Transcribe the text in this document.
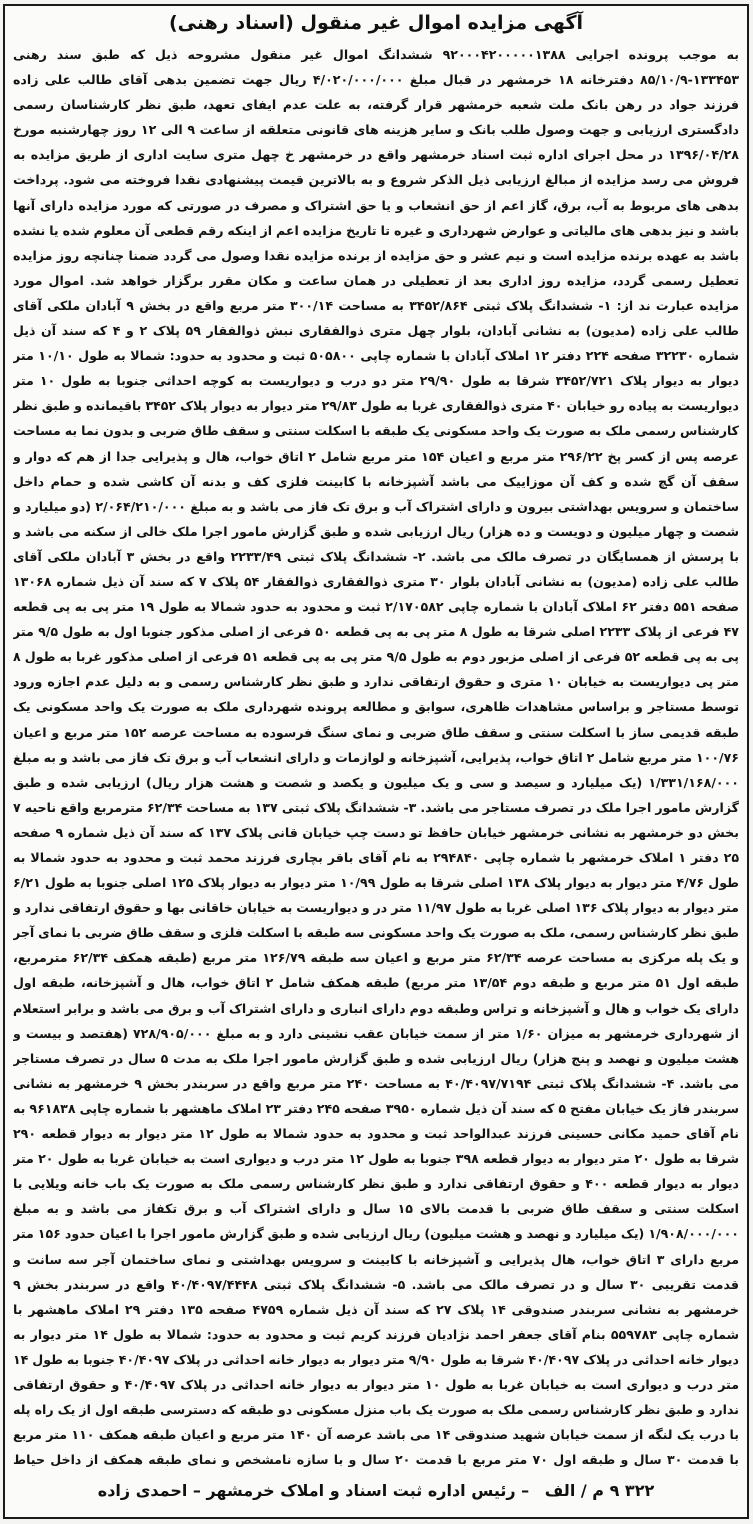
آگهی مزایده اموال غیر منقول (اسناد رهنی)
به موجب پرونده اجرایی ۹۲۰۰۰۴۲۰۰۰۰۰۱۳۸۸ ششدانگ اموال غیر منقول مشروحه ذیل که طبق سند رهنی ۱۳۳۴۵۳-۸۵/۱۰/۹ دفترخانه ۱۸ خرمشهر در قبال مبلغ ۴/۰۲۰/۰۰۰/۰۰۰ ریال جهت تضمین بدهی آقای طالب علی زاده فرزند جواد در رهن بانک ملت شعبه خرمشهر قرار گرفته، به علت عدم ایفای تعهد، طبق نظر کارشناسان رسمی دادگستری ارزیابی و جهت وصول طلب بانک و سایر هزینه های قانونی متعلقه از ساعت ۹ الی ۱۲ روز چهارشنبه مورخ ۱۳۹۶/۰۴/۲۸ در محل اجرای اداره ثبت اسناد خرمشهر واقع در خرمشهر خ چهل متری سایت اداری از طریق مزایده به فروش می رسد مزایده از مبالغ ارزیابی ذیل الذکر شروع و به بالاترین قیمت پیشنهادی نقدا فروخته می شود. پرداخت بدهی های مربوط به آب، برق، گاز اعم از حق انشعاب و یا حق اشتراک و مصرف در صورتی که مورد مزایده دارای آنها باشد و نیز بدهی های مالیاتی و عوارض شهرداری و غیره تا تاریخ مزایده اعم از اینکه رقم قطعی آن معلوم شده یا نشده باشد به عهده برنده مزایده است و نیم عشر و حق مزایده از برنده مزایده نقدا وصول می گردد ضمنا چنانچه روز مزایده تعطیل رسمی گردد، مزایده روز اداری بعد از تعطیلی در همان ساعت و مکان مقرر برگزار خواهد شد. اموال مورد مزایده عبارت ند از: ۱- ششدانگ پلاک ثبتی ۳۴۵۲/۸۶۴ به مساحت ۳۰۰/۱۴ متر مربع واقع در بخش ۹ آبادان ملکی آقای طالب علی زاده (مدیون) به نشانی آبادان، بلوار چهل متری ذوالفقاری نبش ذوالفقار ۵۹ پلاک ۲ و ۴ که سند آن ذیل شماره ۳۲۲۳۰ صفحه ۲۲۴ دفتر ۱۲ املاک آبادان با شماره چاپی ۵۰۵۸۰۰ ثبت و محدود به حدود: شمالا به طول ۱۰/۱۰ متر دیوار به دیوار پلاک ۳۴۵۲/۷۲۱ شرقا به طول ۲۹/۹۰ متر دو درب و دیواریست به کوچه احداثی جنوبا به طول ۱۰ متر دیواریست به پیاده رو خیابان ۴۰ متری ذوالفقاری غربا به طول ۲۹/۸۳ متر دیوار به دیوار پلاک ۳۴۵۲ باقیمانده و طبق نظر کارشناس رسمی ملک به صورت یک واحد مسکونی یک طبقه با اسکلت سنتی و سقف طاق ضربی و بدون نما به مساحت عرصه پس از کسر پخ ۲۹۶/۲۲ متر مربع و اعیان ۱۵۴ متر مربع شامل ۲ اتاق خواب، هال و پذیرایی جدا از هم که دوار و سقف آن گچ شده و کف آن موزاییک می باشد آشپزخانه با کابینت فلزی کف و بدنه آن کاشی شده و حمام داخل ساختمان و سرویس بهداشتی بیرون و دارای اشتراک آب و برق تک فاز می باشد و به مبلغ ۲/۰۶۴/۲۱۰/۰۰۰ (دو میلیارد و شصت و چهار میلیون و دویست و ده هزار) ریال ارزیابی شده و طبق گزارش مامور اجرا ملک خالی از سکنه می باشد و با پرسش از همسایگان در تصرف مالک می باشد. ۲- ششدانگ پلاک ثبتی ۲۲۳۳/۴۹ واقع در بخش ۳ آبادان ملکی آقای طالب علی زاده (مدیون) به نشانی آبادان بلوار ۳۰ متری ذوالفقاری ذوالفقار ۵۴ پلاک ۷ که سند آن ذیل شماره ۱۳۰۶۸ صفحه ۵۵۱ دفتر ۶۲ املاک آبادان با شماره چاپی ۲/۱۷۰۵۸۲ ثبت و محدود به حدود شمالا به طول ۱۹ متر پی به پی قطعه ۴۷ فرعی از پلاک ۲۲۳۳ اصلی شرقا به طول ۸ متر پی به پی قطعه ۵۰ فرعی از اصلی مذکور جنوبا اول به طول ۹/۵ متر پی به پی قطعه ۵۲ فرعی از اصلی مزبور دوم به طول ۹/۵ متر پی به پی قطعه ۵۱ فرعی از اصلی مذکور غربا به طول ۸ متر پی دیواریست به خیابان ۱۰ متری و حقوق ارتفاقی ندارد و طبق نظر کارشناس رسمی و به دلیل عدم اجازه ورود توسط مستاجر و براساس مشاهدات ظاهری، سوابق و مطالعه پرونده شهرداری ملک به صورت یک واحد مسکونی یک طبقه قدیمی ساز با اسکلت سنتی و سقف طاق ضربی و نمای سنگ فرسوده به مساحت عرصه ۱۵۲ متر مربع و اعیان ۱۰۰/۷۶ متر مربع شامل ۲ اتاق خواب، پذیرایی، آشپزخانه و لوازمات و دارای انشعاب آب و برق تک فاز می باشد و به مبلغ ۱/۳۳۱/۱۶۸/۰۰۰ (یک میلیارد و سیصد و سی و یک میلیون و یکصد و شصت و هشت هزار ریال) ارزیابی شده و طبق گزارش مامور اجرا ملک در تصرف مستاجر می باشد. ۳- ششدانگ پلاک ثبتی ۱۳۷ به مساحت ۶۲/۳۴ مترمربع واقع ناحیه ۷ بخش دو خرمشهر به نشانی خرمشهر خیابان حافظ تو دست چپ خیابان قانی پلاک ۱۳۷ که سند آن ذیل شماره ۹ صفحه ۲۵ دفتر ۱ املاک خرمشهر با شماره چاپی ۲۹۴۸۴۰ به نام آقای باقر بچاری فرزند محمد ثبت و محدود به حدود شمالا به طول ۴/۷۶ متر دیوار به دیوار پلاک ۱۳۸ اصلی شرقا به طول ۱۰/۹۹ متر دیوار به دیوار پلاک ۱۲۵ اصلی جنوبا به طول ۶/۲۱ متر دیوار به دیوار پلاک ۱۳۶ اصلی غربا به طول ۱۱/۹۷ متر در و دیواریست به خیابان خاقانی بها و حقوق ارتفاقی ندارد و طبق نظر کارشناس رسمی، ملک به صورت یک واحد مسکونی سه طبقه با اسکلت فلزی و سقف طاق ضربی با نمای آجر و یک پله مرکزی به مساحت عرصه ۶۲/۳۴ متر مربع و اعیان سه طبقه ۱۲۶/۷۹ متر مربع (طبقه همکف ۶۲/۳۴ مترمربع، طبقه اول ۵۱ متر مربع و طبقه دوم ۱۳/۵۴ متر مربع) طبقه همکف شامل ۲ اتاق خواب، هال و آشپزخانه، طبقه اول دارای یک خواب و هال و آشپزخانه و تراس وطبقه دوم دارای انباری و دارای اشتراک آب و برق می باشد و برابر استعلام از شهرداری خرمشهر به میزان ۱/۶۰ متر از سمت خیابان عقب نشینی دارد و به مبلغ ۷۲۸/۹۰۵/۰۰۰ (هفتصد و بیست و هشت میلیون و نهصد و پنج هزار) ریال ارزیابی شده و طبق گزارش مامور اجرا ملک به مدت ۵ سال در تصرف مستاجر می باشد. ۴- ششدانگ پلاک ثبتی ۴۰/۴۰۹۷/۷۱۹۴ به مساحت ۲۴۰ متر مربع واقع در سربندر بخش ۹ خرمشهر به نشانی سربندر فاز یک خیابان مفتح ۵ که سند آن ذیل شماره ۳۹۵۰ صفحه ۲۴۵ دفتر ۲۳ املاک ماهشهر با شماره چاپی ۹۶۱۸۳۸ به نام آقای حمید مکانی حسینی فرزند عبدالواحد ثبت و محدود به حدود شمالا به طول ۱۲ متر دیوار به دیوار قطعه ۲۹۰ شرقا به طول ۲۰ متر دیوار به دیوار قطعه ۳۹۸ جنوبا به طول ۱۲ متر درب و دیواری است به خیابان غربا به طول ۲۰ متر دیوار به دیوار قطعه ۴۰۰ و حقوق ارتفاقی ندارد و طبق نظر کارشناس رسمی ملک به صورت یک باب خانه ویلایی با اسکلت سنتی و سقف طاق ضربی با قدمت بالای ۱۵ سال و دارای اشتراک آب و برق تکفاز می باشد و به مبلغ ۱/۹۰۸/۰۰۰/۰۰۰ (یک میلیارد و نهصد و هشت میلیون) ریال ارزیابی شده و طبق گزارش مامور اجرا با اعیان حدود ۱۵۶ متر مربع دارای ۳ اتاق خواب، هال پذیرایی و آشپزخانه با کابینت و سرویس بهداشتی و نمای ساختمان آجر سه سانت و قدمت تقریبی ۳۰ سال و در تصرف مالک می باشد. ۵- ششدانگ پلاک ثبتی ۴۰/۴۰۹۷/۴۴۴۸ واقع در سربندر بخش ۹ خرمشهر به نشانی سربندر صندوقی ۱۴ پلاک ۲۷ که سند آن ذیل شماره ۴۷۵۹ صفحه ۱۳۵ دفتر ۲۹ املاک ماهشهر با شماره چاپی ۵۵۹۷۸۳ بنام آقای جعفر احمد نژادیان فرزند کریم ثبت و محدود به حدود: شمالا به طول ۱۴ متر دیوار به دیوار خانه احداثی در پلاک ۴۰/۴۰۹۷ شرقا به طول ۹/۹۰ متر دیوار به دیوار خانه احداثی در پلاک ۴۰/۴۰۹۷ جنوبا به طول ۱۴ متر درب و دیواری است به خیابان غربا به طول ۱۰ متر دیوار به دیوار خانه احداثی در پلاک ۴۰/۴۰۹۷ و حقوق ارتفاقی ندارد و طبق نظر کارشناس رسمی ملک به صورت یک باب منزل مسکونی دو طبقه که دسترسی طبقه اول از یک راه پله با درب یک لنگه از سمت خیابان شهید صندوقی ۱۴ می باشد عرصه آن ۱۴۰ متر مربع و اعیان طبقه همکف ۱۱۰ متر مربع با قدمت ۳۰ سال و طبقه اول ۷۰ متر مربع با قدمت ۲۰ سال و با سازه نامشخص و نمای طبقه همکف از داخل حیاط
۳۲۲ ۹ م / الف – رئیس اداره ثبت اسناد و املاک خرمشهر – احمدی زاده
